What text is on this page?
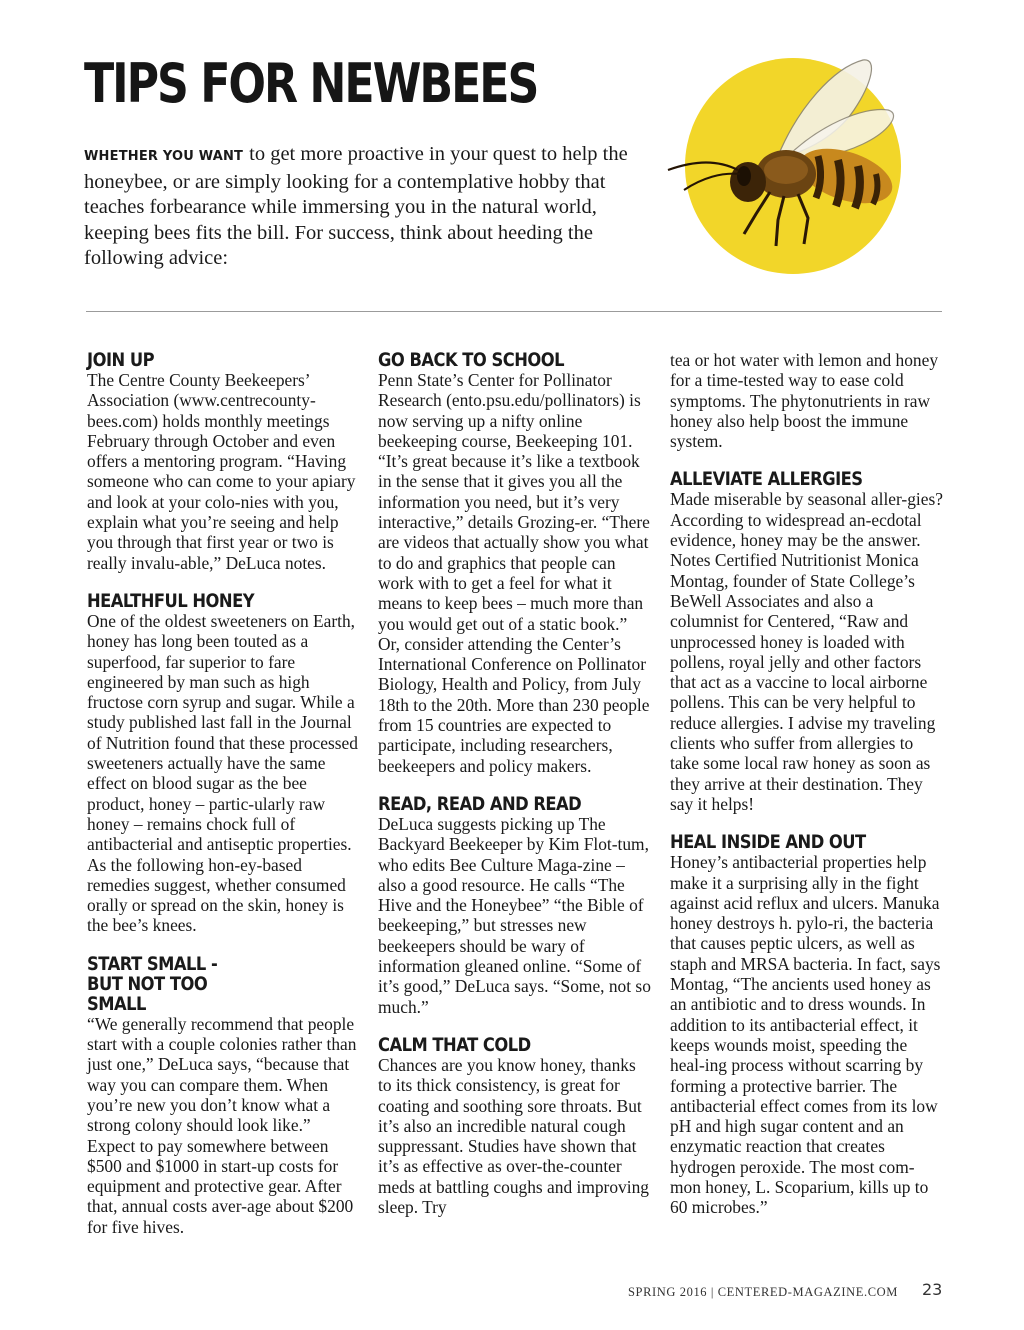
TIPS FOR NEWBEES

WHETHER YOU WANT to get more proactive in your quest to help the honeybee, or are simply looking for a contemplative hobby that teaches forbearance while immersing you in the natural world, keeping bees fits the bill. For success, think about heeding the following advice:

JOIN UP

The Centre County Beekeepers’ Association (www.centrecounty-bees.com) holds monthly meetings February through October and even offers a mentoring program. “Having someone who can come to your apiary and look at your colo-nies with you, explain what you’re seeing and help you through that first year or two is really invalu-able,” DeLuca notes.

HEALTHFUL HONEY

One of the oldest sweeteners on Earth, honey has long been touted as a superfood, far superior to fare engineered by man such as high fructose corn syrup and sugar. While a study published last fall in the Journal of Nutrition found that these processed sweeteners actually have the same effect on blood sugar as the bee product, honey – partic-ularly raw honey – remains chock full of antibacterial and antiseptic properties. As the following hon-ey-based remedies suggest, whether consumed orally or spread on the skin, honey is the bee’s knees.

START SMALL - BUT NOT TOO SMALL

“We generally recommend that people start with a couple colonies rather than just one,” DeLuca says, “because that way you can compare them. When you’re new you don’t know what a strong colony should look like.” Expect to pay somewhere between $500 and $1000 in start-up costs for equipment and protective gear. After that, annual costs aver-age about $200 for five hives.

GO BACK TO SCHOOL

Penn State’s Center for Pollinator Research (ento.psu.edu/pollinators) is now serving up a nifty online beekeeping course, Beekeeping 101. “It’s great because it’s like a textbook in the sense that it gives you all the information you need, but it’s very interactive,” details Grozing-er. “There are videos that actually show you what to do and graphics that people can work with to get a feel for what it means to keep bees – much more than you would get out of a static book.” Or, consider attending the Center’s International Conference on Pollinator Biology, Health and Policy, from July 18th to the 20th. More than 230 people from 15 countries are expected to participate, including researchers, beekeepers and policy makers.

READ, READ AND READ

DeLuca suggests picking up The Backyard Beekeeper by Kim Flot-tum, who edits Bee Culture Maga-zine – also a good resource. He calls “The Hive and the Honeybee” “the Bible of beekeeping,” but stresses new beekeepers should be wary of information gleaned online. “Some of it’s good,” DeLuca says. “Some, not so much.”

CALM THAT COLD

Chances are you know honey, thanks to its thick consistency, is great for coating and soothing sore throats. But it’s also an incredible natural cough suppressant. Studies have shown that it’s as effective as over-the-counter meds at battling coughs and improving sleep. Try

tea or hot water with lemon and honey for a time-tested way to ease cold symptoms. The phytonutrients in raw honey also help boost the immune system.

ALLEVIATE ALLERGIES

Made miserable by seasonal aller-gies? According to widespread an-ecdotal evidence, honey may be the answer. Notes Certified Nutritionist Monica Montag, founder of State College’s BeWell Associates and also a columnist for Centered, “Raw and unprocessed honey is loaded with pollens, royal jelly and other factors that act as a vaccine to local airborne pollens. This can be very helpful to reduce allergies. I advise my traveling clients who suffer from allergies to take some local raw honey as soon as they arrive at their destination. They say it helps!

HEAL INSIDE AND OUT

Honey’s antibacterial properties help make it a surprising ally in the fight against acid reflux and ulcers. Manuka honey destroys h. pylo-ri, the bacteria that causes peptic ulcers, as well as staph and MRSA bacteria. In fact, says Montag, “The ancients used honey as an antibiotic and to dress wounds. In addition to its antibacterial effect, it keeps wounds moist, speeding the heal-ing process without scarring by forming a protective barrier. The antibacterial effect comes from its low pH and high sugar content and an enzymatic reaction that creates hydrogen peroxide. The most com-mon honey, L. Scoparium, kills up to 60 microbes.”

SPRING 2016 | CENTERED-MAGAZINE.COM 23
